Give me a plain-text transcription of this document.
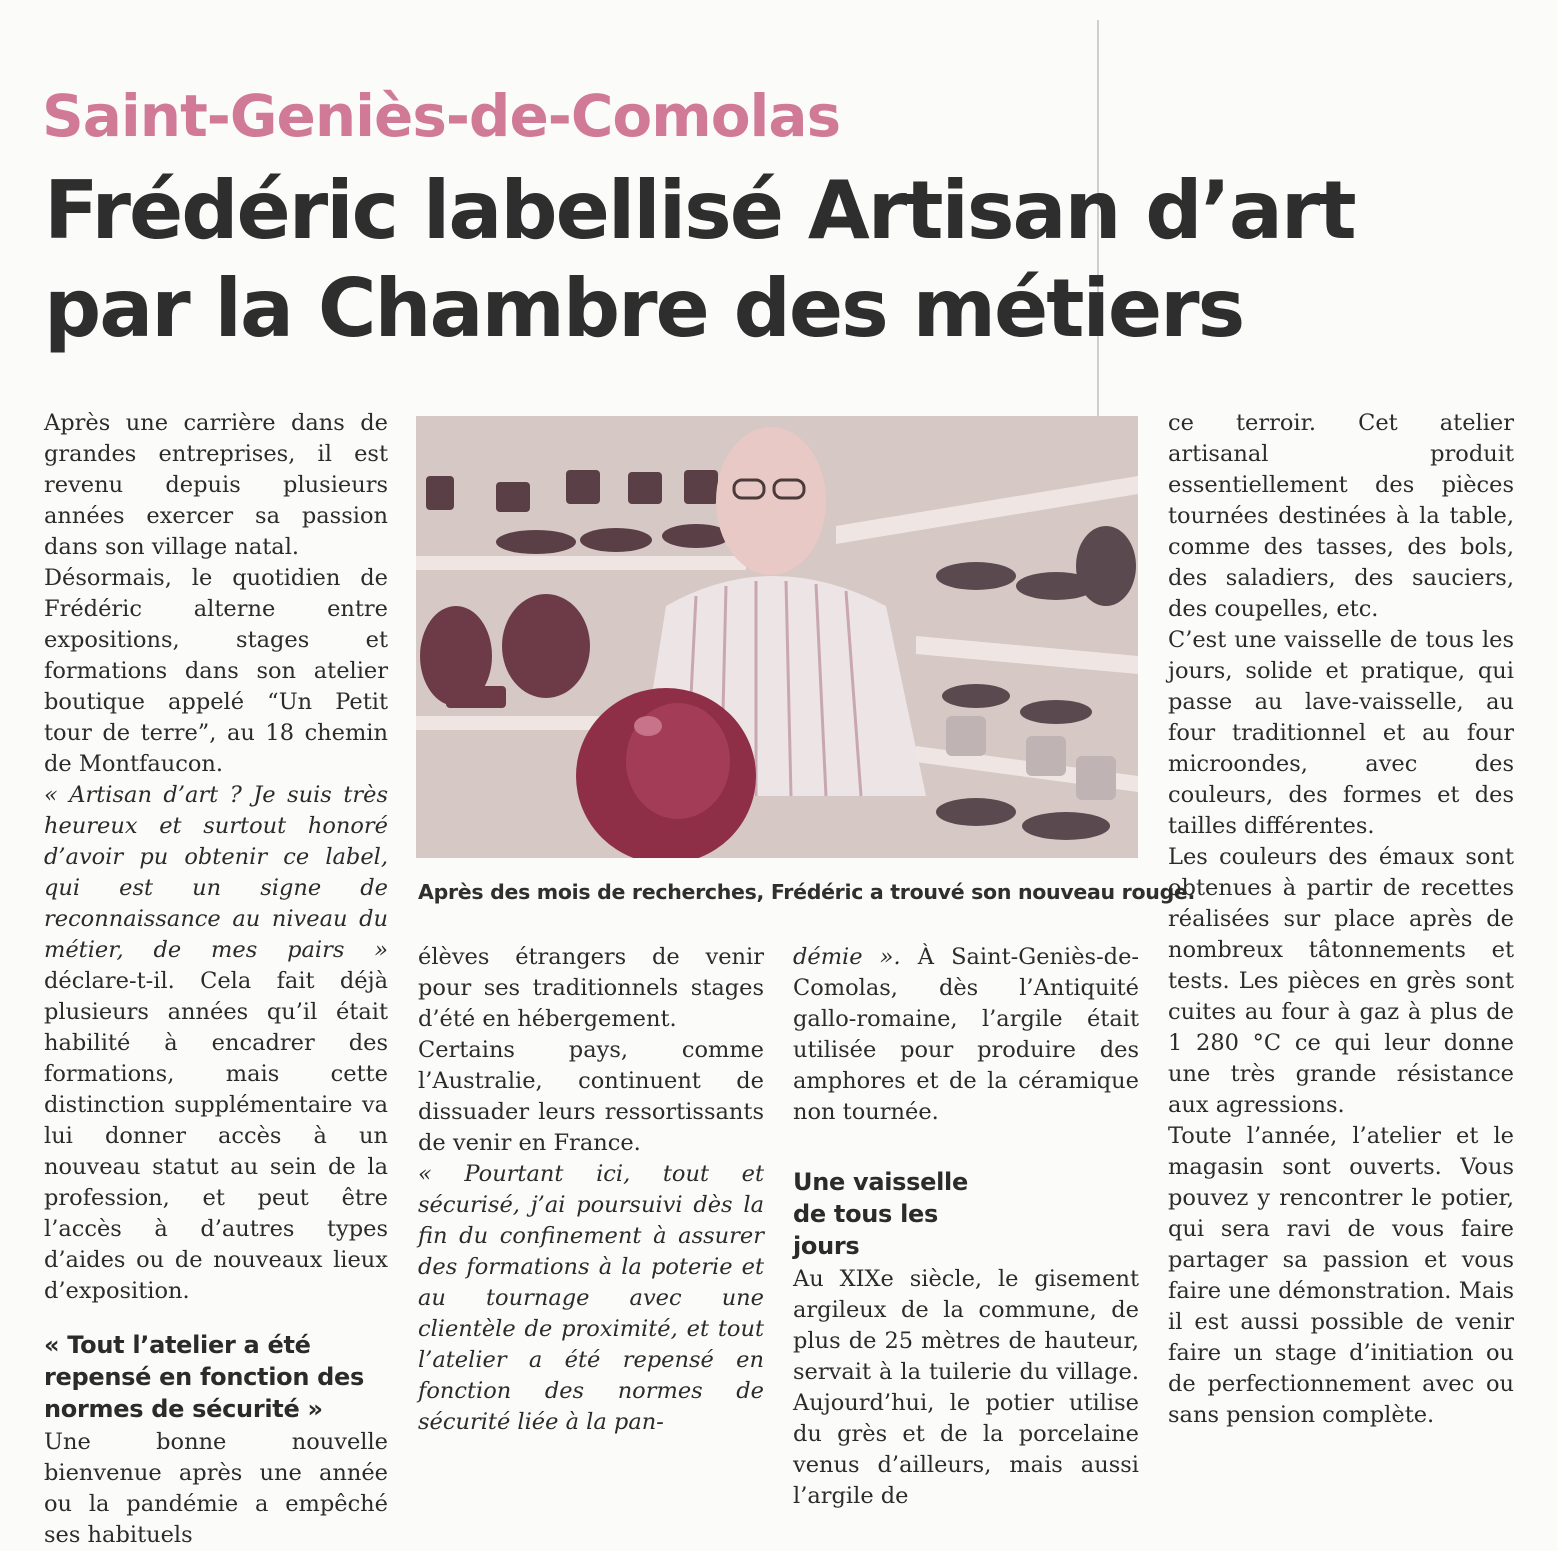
Saint-Geniès-de-Comolas
Frédéric labellisé Artisan d’art
par la Chambre des métiers

Après une carrière dans de grandes entreprises, il est revenu depuis plusieurs années exercer sa passion dans son village natal.

Désormais, le quotidien de Frédéric alterne entre expositions, stages et formations dans son atelier boutique appelé “Un Petit tour de terre”, au 18 chemin de Montfaucon.

« Artisan d’art ? Je suis très heureux et surtout honoré d’avoir pu obtenir ce label, qui est un signe de reconnaissance au niveau du métier, de mes pairs » déclare-t-il. Cela fait déjà plusieurs années qu’il était habilité à encadrer des formations, mais cette distinction supplémentaire va lui donner accès à un nouveau statut au sein de la profession, et peut être l’accès à d’autres types d’aides ou de nouveaux lieux d’exposition.

« Tout l’atelier a été repensé en fonction des normes de sécurité »

Une bonne nouvelle bienvenue après une année ou la pandémie a empêché ses habituels

Après des mois de recherches, Frédéric a trouvé son nouveau rouge.

élèves étrangers de venir pour ses traditionnels stages d’été en hébergement.

Certains pays, comme l’Australie, continuent de dissuader leurs ressortissants de venir en France.

« Pourtant ici, tout et sécurisé, j’ai poursuivi dès la fin du confinement à assurer des formations à la poterie et au tournage avec une clientèle de proximité, et tout l’atelier a été repensé en fonction des normes de sécurité liée à la pan-

démie ». À Saint-Geniès-de-Comolas, dès l’Antiquité gallo-romaine, l’argile était utilisée pour produire des amphores et de la céramique non tournée.

Une vaisselle de tous les jours

Au XIXe siècle, le gisement argileux de la commune, de plus de 25 mètres de hauteur, servait à la tuilerie du village. Aujourd’hui, le potier utilise du grès et de la porcelaine venus d’ailleurs, mais aussi l’argile de

ce terroir. Cet atelier artisanal produit essentiellement des pièces tournées destinées à la table, comme des tasses, des bols, des saladiers, des sauciers, des coupelles, etc.

C’est une vaisselle de tous les jours, solide et pratique, qui passe au lave-vaisselle, au four traditionnel et au four microondes, avec des couleurs, des formes et des tailles différentes.

Les couleurs des émaux sont obtenues à partir de recettes réalisées sur place après de nombreux tâtonnements et tests. Les pièces en grès sont cuites au four à gaz à plus de 1 280 °C ce qui leur donne une très grande résistance aux agressions.

Toute l’année, l’atelier et le magasin sont ouverts. Vous pouvez y rencontrer le potier, qui sera ravi de vous faire partager sa passion et vous faire une démonstration. Mais il est aussi possible de venir faire un stage d’initiation ou de perfectionnement avec ou sans pension complète.
